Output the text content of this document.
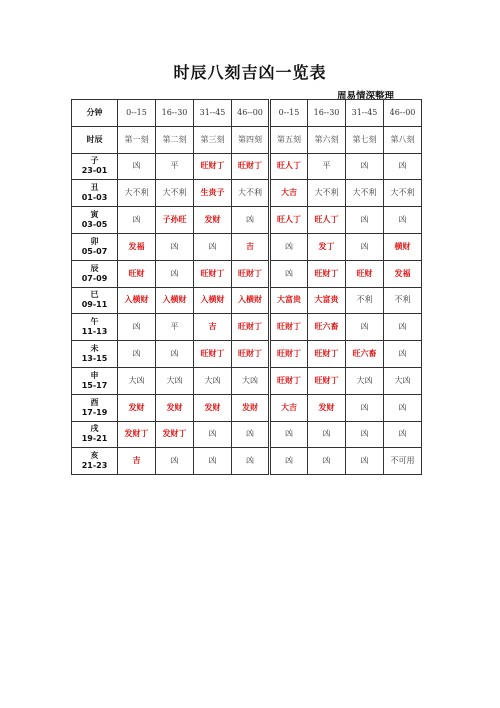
时辰八刻吉凶一览表
周易情深整理
分钟	0--15	16--30	31--45	46--00	0--15	16--30	31--45	46--00
时辰	第一刻	第二刻	第三刻	第四刻	第五刻	第六刻	第七刻	第八刻

子
23-01	凶	平	旺财丁	旺财丁	旺人丁	平	凶	凶

丑
01-03	大不利	大不利	生贵子	大不利	大吉	大不利	大不利	大不利

寅
03-05	凶	子孙旺	发财	凶	旺人丁	旺人丁	凶	凶

卯
05-07	发福	凶	凶	吉	凶	发丁	凶	横财

辰
07-09	旺财	凶	旺财丁	旺财丁	凶	旺财丁	旺财	发福

巳
09-11	入横财	入横财	入横财	入横财	大富贵	大富贵	不利	不利

午
11-13	凶	平	吉	旺财丁	旺财丁	旺六畜	凶	凶

未
13-15	凶	凶	旺财丁	旺财丁	旺财丁	旺财丁	旺六畜	凶

申
15-17	大凶	大凶	大凶	大凶	旺财丁	旺财丁	大凶	大凶

酉
17-19	发财	发财	发财	发财	大吉	发财	凶	凶

戌
19-21	发财丁	发财丁	凶	凶	凶	凶	凶	凶

亥
21-23	吉	凶	凶	凶	凶	凶	凶	不可用
